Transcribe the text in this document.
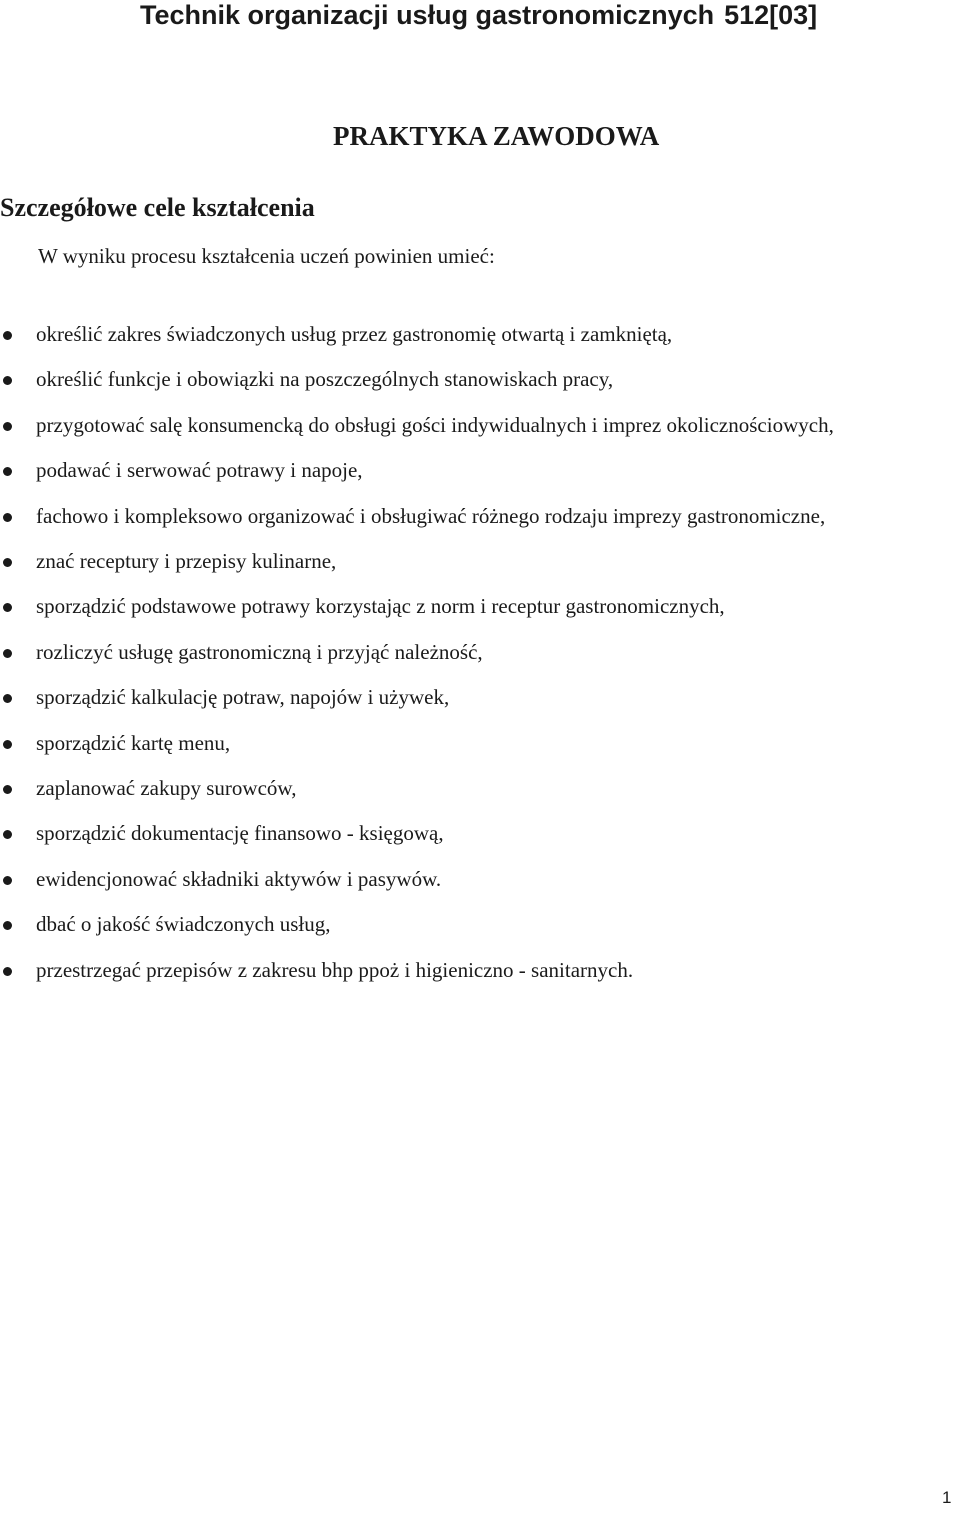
Technik organizacji usług gastronomicznych 512[03]
PRAKTYKA ZAWODOWA
Szczegółowe cele kształcenia
W wyniku procesu kształcenia uczeń powinien umieć:
określić zakres świadczonych usług przez gastronomię otwartą i zamkniętą,
określić funkcje i obowiązki na poszczególnych stanowiskach pracy,
przygotować salę konsumencką do obsługi gości indywidualnych i imprez okolicznościowych,
podawać i serwować potrawy i napoje,
fachowo i kompleksowo organizować i obsługiwać różnego rodzaju imprezy gastronomiczne,
znać receptury i przepisy kulinarne,
sporządzić podstawowe potrawy korzystając z norm i receptur gastronomicznych,
rozliczyć usługę gastronomiczną i przyjąć należność,
sporządzić kalkulację potraw, napojów i używek,
sporządzić kartę menu,
zaplanować zakupy surowców,
sporządzić dokumentację finansowo - księgową,
ewidencjonować składniki aktywów i pasywów.
dbać o jakość świadczonych usług,
przestrzegać przepisów z zakresu bhp ppoż i higieniczno - sanitarnych.
1
